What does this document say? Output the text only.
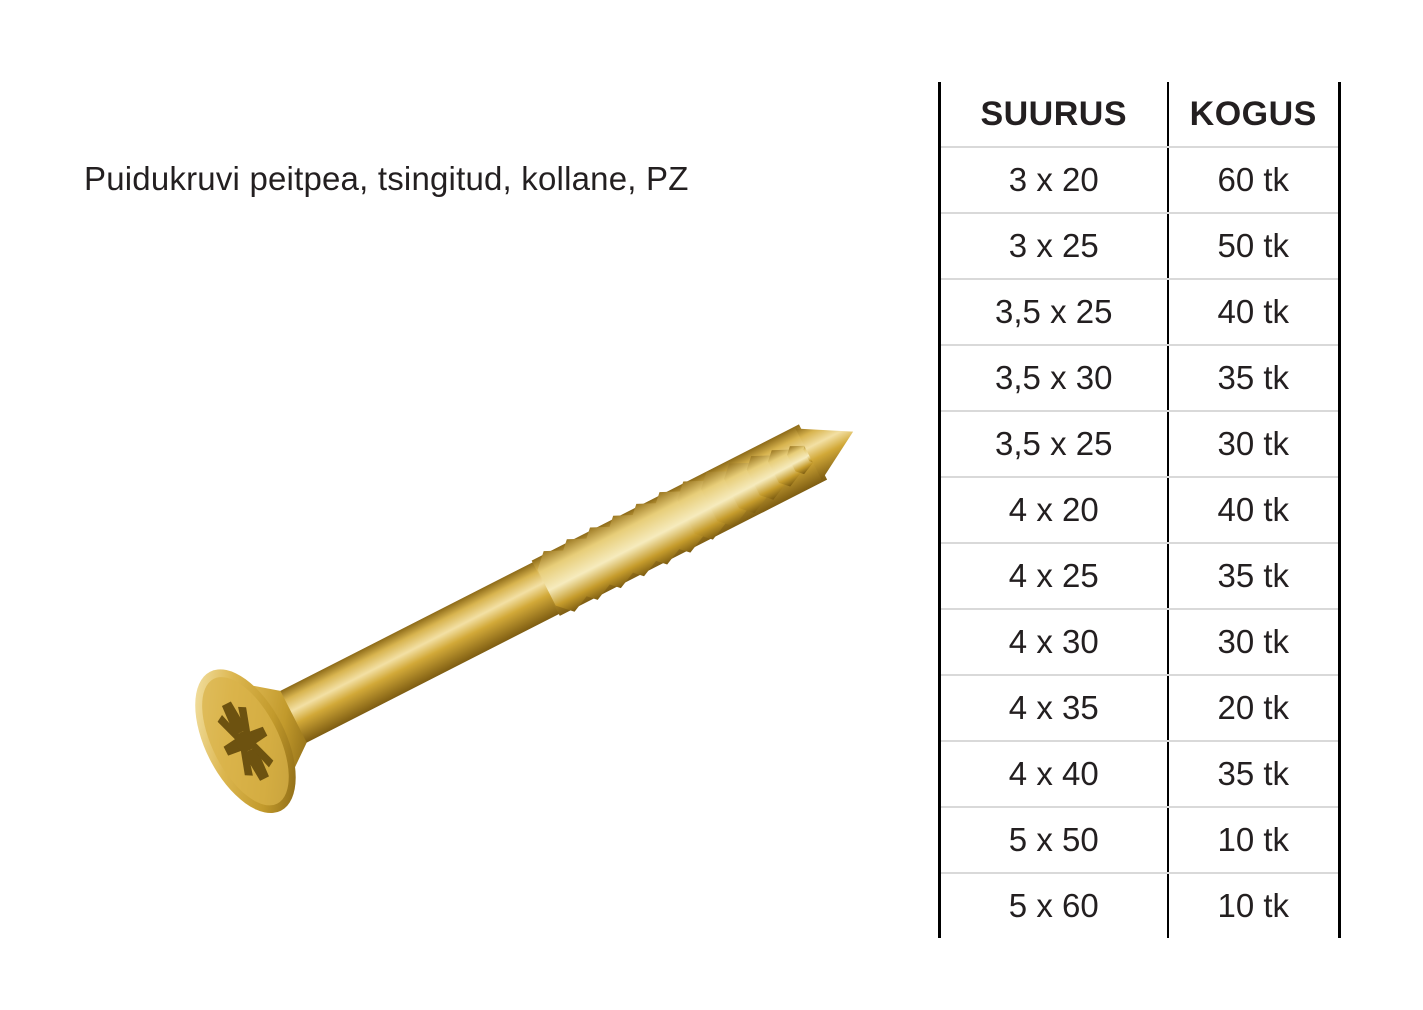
Puidukruvi peitpea, tsingitud, kollane, PZ
SUURUS	KOGUS
3 x 20	60 tk
3 x 25	50 tk
3,5 x 25	40 tk
3,5 x 30	35 tk
3,5 x 25	30 tk
4 x 20	40 tk
4 x 25	35 tk
4 x 30	30 tk
4 x 35	20 tk
4 x 40	35 tk
5 x 50	10 tk
5 x 60	10 tk
